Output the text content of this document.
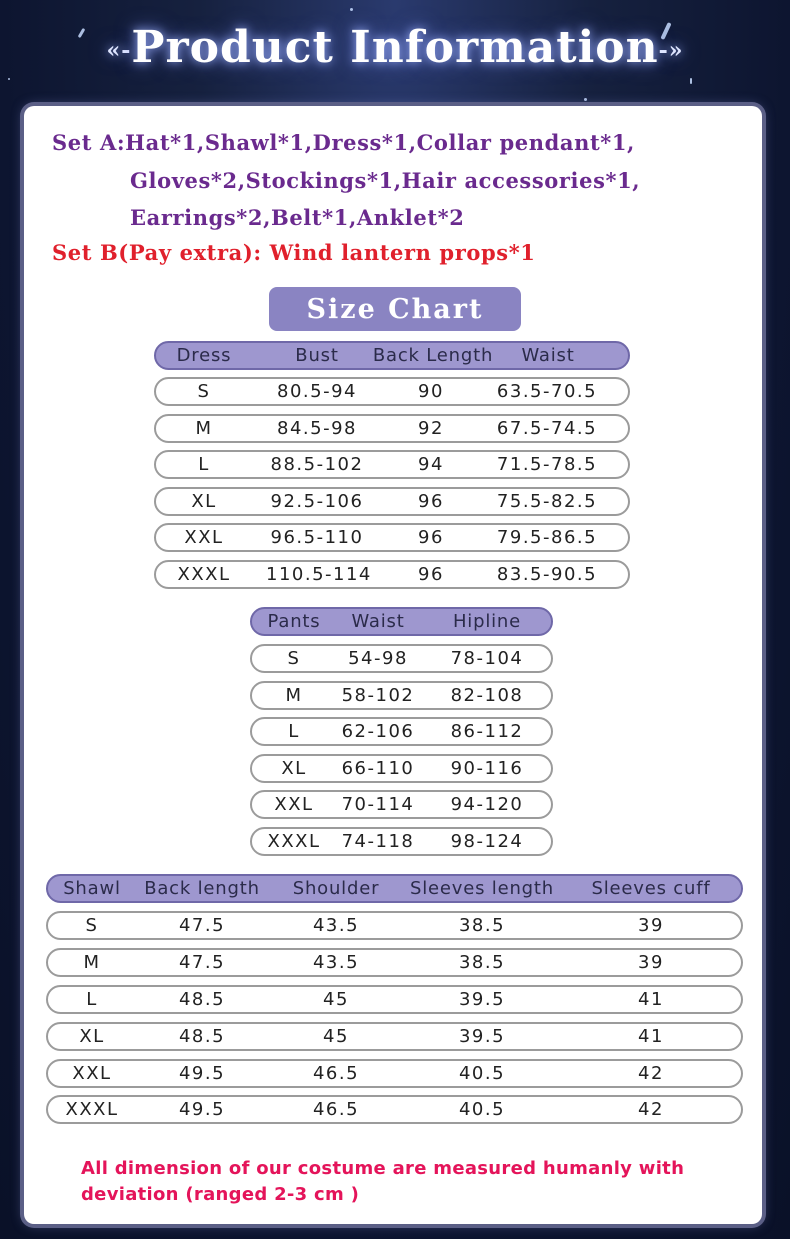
«-Product Information-»
Set A:Hat*1,Shawl*1,Dress*1,Collar pendant*1,
Gloves*2,Stockings*1,Hair accessories*1,
Earrings*2,Belt*1,Anklet*2
Set B(Pay extra): Wind lantern props*1
Size Chart
Dress	Bust	Back Length	Waist
S	80.5-94	90	63.5-70.5
M	84.5-98	92	67.5-74.5
L	88.5-102	94	71.5-78.5
XL	92.5-106	96	75.5-82.5
XXL	96.5-110	96	79.5-86.5
XXXL	110.5-114	96	83.5-90.5
Pants	Waist	Hipline
S	54-98	78-104
M	58-102	82-108
L	62-106	86-112
XL	66-110	90-116
XXL	70-114	94-120
XXXL	74-118	98-124
Shawl	Back length	Shoulder	Sleeves length	Sleeves cuff
S	47.5	43.5	38.5	39
M	47.5	43.5	38.5	39
L	48.5	45	39.5	41
XL	48.5	45	39.5	41
XXL	49.5	46.5	40.5	42
XXXL	49.5	46.5	40.5	42
All dimension of our costume are measured humanly with
deviation (ranged 2-3 cm )
